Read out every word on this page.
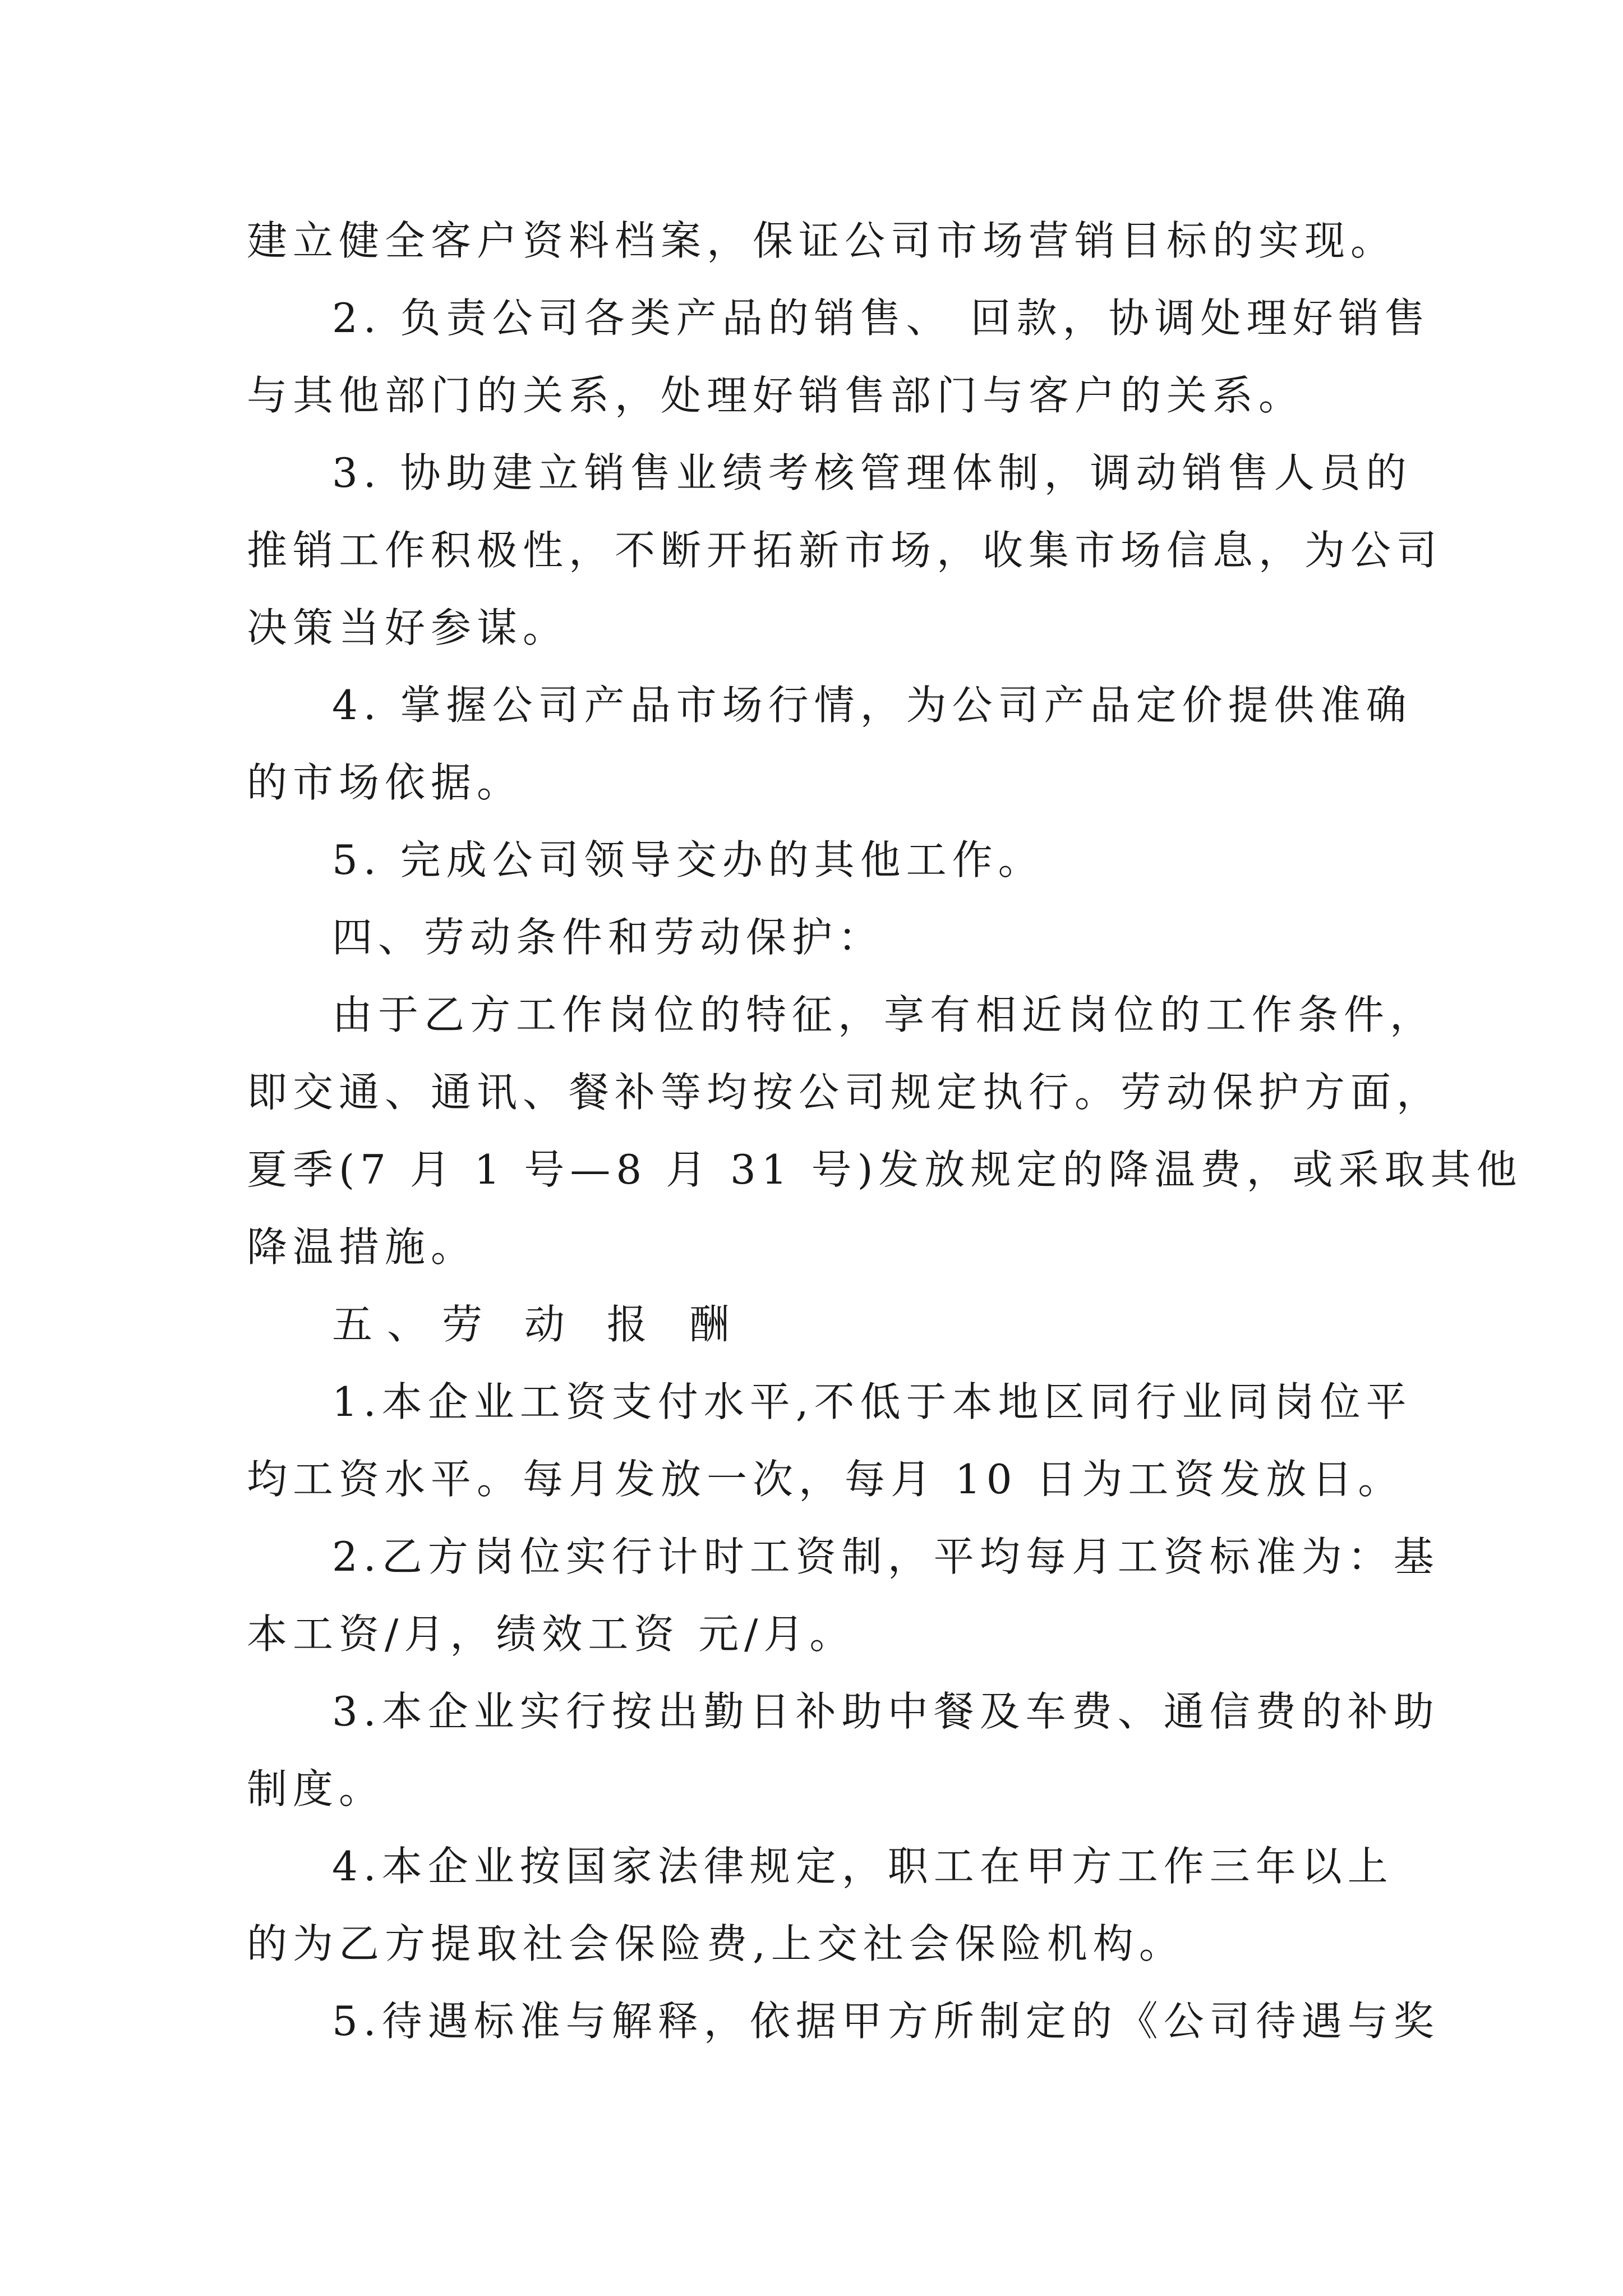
建立健全客户资料档案，保证公司市场营销目标的实现。
2. 负责公司各类产品的销售、 回款，协调处理好销售
与其他部门的关系，处理好销售部门与客户的关系。
3. 协助建立销售业绩考核管理体制，调动销售人员的
推销工作积极性，不断开拓新市场，收集市场信息，为公司
决策当好参谋。
4. 掌握公司产品市场行情，为公司产品定价提供准确
的市场依据。
5. 完成公司领导交办的其他工作。
四、劳动条件和劳动保护：
由于乙方工作岗位的特征，享有相近岗位的工作条件，
即交通、通讯、餐补等均按公司规定执行。劳动保护方面，
夏季(7 月 1 号—8 月 31 号)发放规定的降温费，或采取其他
降温措施。
五、劳 动 报 酬
1.本企业工资支付水平,不低于本地区同行业同岗位平
均工资水平。每月发放一次，每月 10 日为工资发放日。
2.乙方岗位实行计时工资制，平均每月工资标准为：基
本工资/月，绩效工资 元/月。
3.本企业实行按出勤日补助中餐及车费、通信费的补助
制度。
4.本企业按国家法律规定，职工在甲方工作三年以上
的为乙方提取社会保险费,上交社会保险机构。
5.待遇标准与解释，依据甲方所制定的《公司待遇与奖
